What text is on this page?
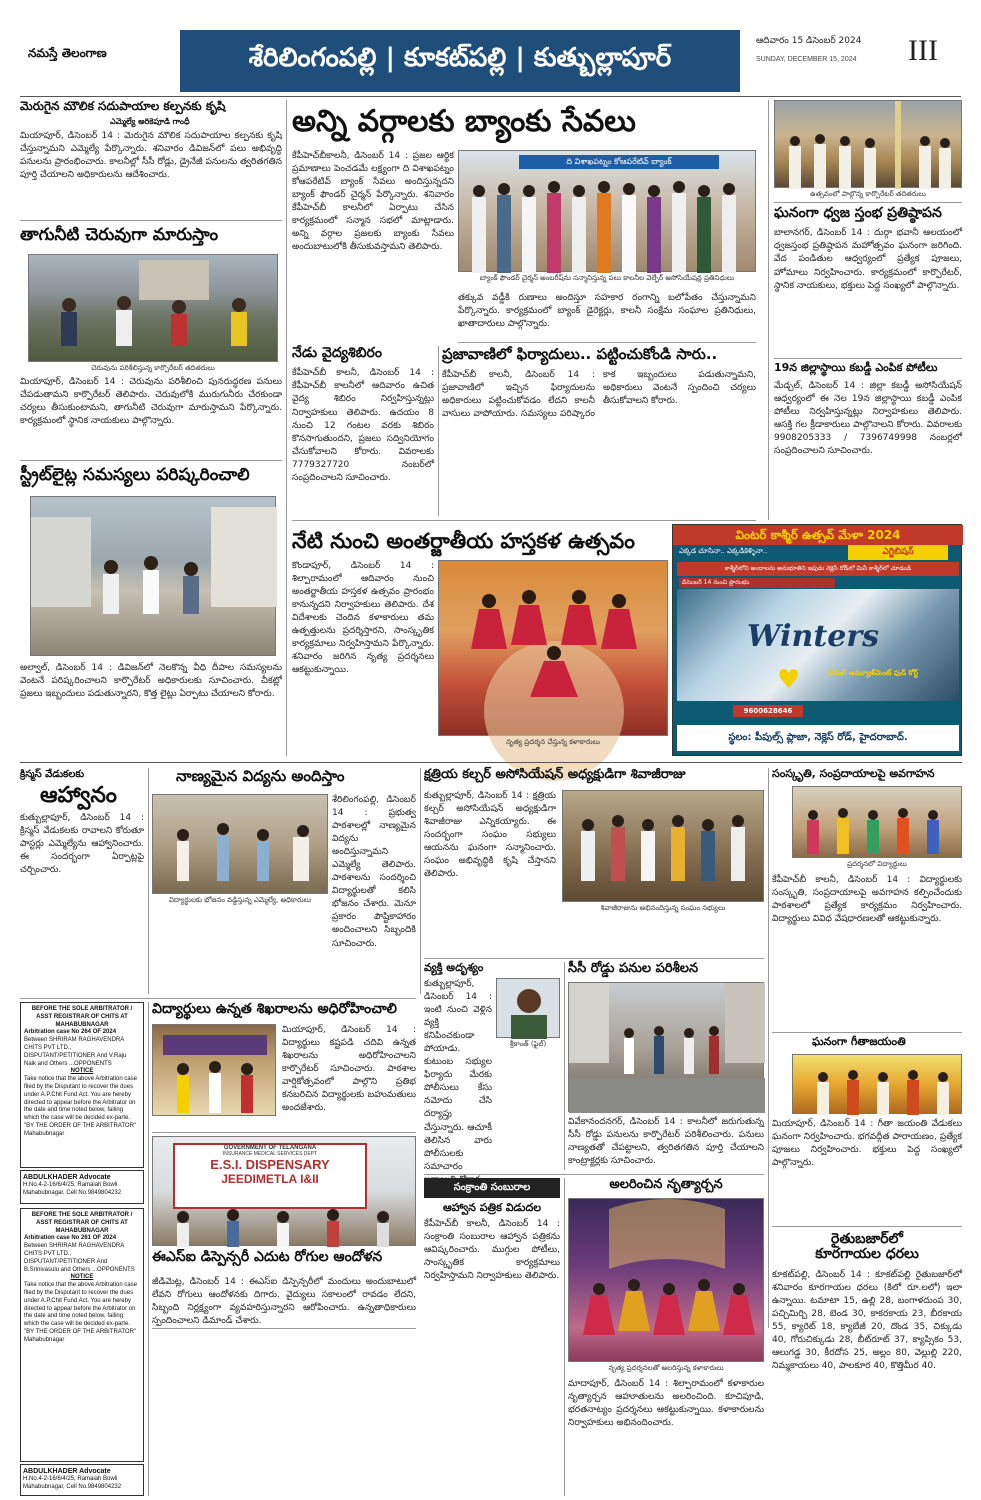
నమస్తే తెలంగాణ	శేరిలింగంపల్లి | కూకట్‌పల్లి | కుత్బుల్లాపూర్
ఆదివారం 15 డిసెంబర్ 2024
SUNDAY, DECEMBER 15, 2024	III
మెరుగైన మౌలిక సదుపాయాల కల్పనకు కృషి
ఎమ్మెల్యే అరికెపూడి గాంధీ
మియాపూర్, డిసెంబర్ 14 : మెరుగైన మౌలిక సదుపాయాల కల్పనకు కృషి చేస్తున్నామని ఎమ్మెల్యే పేర్కొన్నారు. శనివారం డివిజన్‌లో పలు అభివృద్ధి పనులను ప్రారంభించారు. కాలనీల్లో సీసీ రోడ్లు, డ్రైనేజీ పనులను త్వరితగతిన పూర్తి చేయాలని అధికారులను ఆదేశించారు.
తాగునీటి చెరువుగా మారుస్తాం
చెరువును పరిశీలిస్తున్న కార్పొరేటర్ తదితరులు
మియాపూర్, డిసెంబర్ 14 : చెరువును పరిశీలించి పునరుద్ధరణ పనులు చేపడుతామని కార్పొరేటర్ తెలిపారు. చెరువులోకి మురుగునీరు చేరకుండా చర్యలు తీసుకుంటామని, తాగునీటి చెరువుగా మారుస్తామని పేర్కొన్నారు. కార్యక్రమంలో స్థానిక నాయకులు పాల్గొన్నారు.
స్ట్రీట్‌లైట్ల సమస్యలు పరిష్కరించాలి
అల్వాల్, డిసెంబర్ 14 : డివిజన్‌లో నెలకొన్న వీధి దీపాల సమస్యలను వెంటనే పరిష్కరించాలని కార్పొరేటర్ అధికారులకు సూచించారు. చీకట్లో ప్రజలు ఇబ్బందులు పడుతున్నారని, కొత్త లైట్లు ఏర్పాటు చేయాలని కోరారు.
అన్ని వర్గాలకు బ్యాంకు సేవలు
కేపీహెచ్‌బీకాలనీ, డిసెంబర్ 14 : ప్రజల ఆర్థిక ప్రమాణాలు పెంచడమే లక్ష్యంగా ది విశాఖపట్నం కోఆపరేటివ్ బ్యాంక్ సేవలు అందిస్తున్నదని బ్యాంక్ ఫౌండర్ చైర్మన్ పేర్కొన్నారు. శనివారం కేపీహెచ్‌బీ కాలనీలో ఏర్పాటు చేసిన కార్యక్రమంలో సన్మాన సభలో మాట్లాడారు. అన్ని వర్గాల ప్రజలకు బ్యాంకు సేవలు అందుబాటులోకి తీసుకువస్తామని తెలిపారు.
ది విశాఖపట్నం కోఆపరేటివ్ బ్యాంక్
బ్యాంక్ ఫౌండర్ చైర్మన్ అంబరీష్‌ను సన్మానిస్తున్న పలు కాలనీల వెల్ఫేర్ అసోసియేషన్ల ప్రతినిధులు
తక్కువ వడ్డీకి రుణాలు అందిస్తూ సహకార రంగాన్ని బలోపేతం చేస్తున్నామని పేర్కొన్నారు. కార్యక్రమంలో బ్యాంక్ డైరెక్టర్లు, కాలనీ సంక్షేమ సంఘాల ప్రతినిధులు, ఖాతాదారులు పాల్గొన్నారు.
నేడు వైద్యశిబిరం
కేపీహెచ్‌బీ కాలనీ, డిసెంబర్ 14 : కేపీహెచ్‌బీ కాలనీలో ఆదివారం ఉచిత వైద్య శిబిరం నిర్వహిస్తున్నట్లు నిర్వాహకులు తెలిపారు. ఉదయం 8 నుంచి 12 గంటల వరకు శిబిరం కొనసాగుతుందని, ప్రజలు సద్వినియోగం చేసుకోవాలని కోరారు. వివరాలకు 7779327720 నంబర్‌లో సంప్రదించాలని సూచించారు.
ప్రజావాణిలో ఫిర్యాదులు.. పట్టించుకోండి సారు..
కేపీహెచ్‌బీ కాలనీ, డిసెంబర్ 14 : ప్రజావాణిలో ఇచ్చిన ఫిర్యాదులను అధికారులు పట్టించుకోవడం లేదని కాలనీ వాసులు వాపోయారు. సమస్యలు పరిష్కారం కాక ఇబ్బందులు పడుతున్నామని, అధికారులు వెంటనే స్పందించి చర్యలు తీసుకోవాలని కోరారు.
నేటి నుంచి అంతర్జాతీయ హస్తకళ ఉత్సవం
కొండాపూర్, డిసెంబర్ 14 : శిల్పారామంలో ఆదివారం నుంచి అంతర్జాతీయ హస్తకళ ఉత్సవం ప్రారంభం కానున్నదని నిర్వాహకులు తెలిపారు. దేశ విదేశాలకు చెందిన కళాకారులు తమ ఉత్పత్తులను ప్రదర్శిస్తారని, సాంస్కృతిక కార్యక్రమాలు నిర్వహిస్తామని పేర్కొన్నారు. శనివారం జరిగిన నృత్య ప్రదర్శనలు ఆకట్టుకున్నాయి.
నృత్య ప్రదర్శన చేస్తున్న కళాకారులు
వింటర్ కాశ్మీర్ ఉత్సవ్ మేళా 2024
ఎగ్జిబిషన్
ఎక్కడ చూసినా.. ఎక్కడికెళ్ళినా..
కాశ్మీర్‌లోని అందాలను అనుభూతిని ఇపుడు నెక్లెస్ రోడ్‌లో మినీ కాశ్మీర్‌లో చూడండి
డిసెంబర్ 14 నుంచి ప్రారంభం
Winters
♥	షాపింగ్ అమ్యూజ్‌మెంట్ ఫుడ్ కోర్ట్
9600628646
స్థలం: పీపుల్స్ ప్లాజా, నెక్లెస్ రోడ్, హైదరాబాద్.
ఉత్సవంలో పాల్గొన్న కార్పొరేటర్ తదితరులు
ఘనంగా ధ్వజ స్తంభ ప్రతిష్ఠాపన
బాలానగర్, డిసెంబర్ 14 : దుర్గా భవానీ ఆలయంలో ధ్వజస్తంభ ప్రతిష్ఠాపన మహోత్సవం ఘనంగా జరిగింది. వేద పండితుల ఆధ్వర్యంలో ప్రత్యేక పూజలు, హోమాలు నిర్వహించారు. కార్యక్రమంలో కార్పొరేటర్, స్థానిక నాయకులు, భక్తులు పెద్ద సంఖ్యలో పాల్గొన్నారు.
19న జిల్లాస్థాయి కబడ్డీ ఎంపిక పోటీలు
మేడ్చల్, డిసెంబర్ 14 : జిల్లా కబడ్డీ అసోసియేషన్ ఆధ్వర్యంలో ఈ నెల 19న జిల్లాస్థాయి కబడ్డీ ఎంపిక పోటీలు నిర్వహిస్తున్నట్లు నిర్వాహకులు తెలిపారు. ఆసక్తి గల క్రీడాకారులు పాల్గొనాలని కోరారు. వివరాలకు 9908205333 / 7396749998 నంబర్లలో సంప్రదించాలని సూచించారు.
క్రిస్మస్ వేడుకలకు
ఆహ్వానం
కుత్బుల్లాపూర్, డిసెంబర్ 14 : క్రిస్మస్ వేడుకలకు రావాలని కోరుతూ పాస్టర్లు ఎమ్మెల్యేను ఆహ్వానించారు. ఈ సందర్భంగా ఏర్పాట్లపై చర్చించారు.
నాణ్యమైన విద్యను అందిస్తాం
విద్యార్థులకు భోజనం వడ్డిస్తున్న ఎమ్మెల్యే, అధికారులు
శేరిలింగంపల్లి, డిసెంబర్ 14 : ప్రభుత్వ పాఠశాలల్లో నాణ్యమైన విద్యను అందిస్తున్నామని ఎమ్మెల్యే తెలిపారు. పాఠశాలను సందర్శించి విద్యార్థులతో కలిసి భోజనం చేశారు. మెనూ ప్రకారం పౌష్టికాహారం అందించాలని సిబ్బందికి సూచించారు.
క్షత్రియ కల్చర్ అసోసియేషన్ అధ్యక్షుడిగా శివాజీరాజు
కుత్బుల్లాపూర్, డిసెంబర్ 14 : క్షత్రియ కల్చర్ అసోసియేషన్ అధ్యక్షుడిగా శివాజీరాజు ఎన్నికయ్యారు. ఈ సందర్భంగా సంఘం సభ్యులు ఆయనను ఘనంగా సన్మానించారు. సంఘం అభివృద్ధికి కృషి చేస్తానని తెలిపారు.
శివాజీరాజును అభినందిస్తున్న సంఘం సభ్యులు
సంస్కృతి, సంప్రదాయాలపై అవగాహన
ప్రదర్శనలో విద్యార్థులు
కేపీహెచ్‌బీ కాలనీ, డిసెంబర్ 14 : విద్యార్థులకు సంస్కృతి, సంప్రదాయాలపై అవగాహన కల్పించేందుకు పాఠశాలలో ప్రత్యేక కార్యక్రమం నిర్వహించారు. విద్యార్థులు వివిధ వేషధారణలతో ఆకట్టుకున్నారు.
ఘనంగా గీతాజయంతి
మియాపూర్, డిసెంబర్ 14 : గీతా జయంతి వేడుకలు ఘనంగా నిర్వహించారు. భగవద్గీత పారాయణం, ప్రత్యేక పూజలు నిర్వహించారు. భక్తులు పెద్ద సంఖ్యలో పాల్గొన్నారు.
విద్యార్థులు ఉన్నత శిఖరాలను అధిరోహించాలి
మియాపూర్, డిసెంబర్ 14 : విద్యార్థులు కష్టపడి చదివి ఉన్నత శిఖరాలను అధిరోహించాలని కార్పొరేటర్ సూచించారు. పాఠశాల వార్షికోత్సవంలో పాల్గొని ప్రతిభ కనబరిచిన విద్యార్థులకు బహుమతులు అందజేశారు.
BEFORE THE SOLE ARBITRATOR / ASST REGISTRAR OF CHITS AT MAHABUBNAGAR
Arbitration case No 264 OF 2024
Between SHRIRAM RAGHAVENDRA CHITS PVT LTD., DISPUTANT/PETITIONER And V.Raju Naik and Others ...OPPONENTS
NOTICE
Take notice that the above Arbitration case filed by the Disputant to recover the dues under A.P.Chit Fund Act. You are hereby directed to appear before the Arbitrator on the date and time noted below, failing which the case will be decided ex-parte. "BY THE ORDER OF THE ARBITRATOR" Mahabubnagar
ABDULKHADER Advocate
H.No.4-2-16/6/4/25, Ramaiah Bowli Mahabubnagar, Cell No.9849804232
BEFORE THE SOLE ARBITRATOR / ASST REGISTRAR OF CHITS AT MAHABUBNAGAR
Arbitration case No 261 OF 2024
Between SHRIRAM RAGHAVENDRA CHITS PVT LTD., DISPUTANT/PETITIONER And B.Srinivasulu and Others ...OPPONENTS
NOTICE
Take notice that the above Arbitration case filed by the Disputant to recover the dues under A.P.Chit Fund Act. You are hereby directed to appear before the Arbitrator on the date and time noted below, failing which the case will be decided ex-parte. "BY THE ORDER OF THE ARBITRATOR" Mahabubnagar
ABDULKHADER Advocate
H.No.4-2-16/6/4/25, Ramaiah Bowli Mahabubnagar, Cell No.9849804232
GOVERNMENT OF TELANGANA
INSURANCE MEDICAL SERVICES DEPT
E.S.I. DISPENSARY
JEEDIMETLA I&II
ఈఎస్‌ఐ డిస్పెన్సరీ ఎదుట రోగుల ఆందోళన
జీడిమెట్ల, డిసెంబర్ 14 : ఈఎస్‌ఐ డిస్పెన్సరీలో మందులు అందుబాటులో లేవని రోగులు ఆందోళనకు దిగారు. వైద్యులు సకాలంలో రావడం లేదని, సిబ్బంది నిర్లక్ష్యంగా వ్యవహరిస్తున్నారని ఆరోపించారు. ఉన్నతాధికారులు స్పందించాలని డిమాండ్ చేశారు.
వ్యక్తి అదృశ్యం
శ్రీకాంత్ (ఫైల్)
కుత్బుల్లాపూర్, డిసెంబర్ 14 : ఇంటి నుంచి వెళ్లిన వ్యక్తి కనిపించకుండా పోయాడు. కుటుంబ సభ్యుల ఫిర్యాదు మేరకు పోలీసులు కేసు నమోదు చేసి దర్యాప్తు చేస్తున్నారు. ఆచూకీ తెలిసిన వారు పోలీసులకు సమాచారం
సీసీ రోడ్డు పనుల పరిశీలన
వివేకానందనగర్, డిసెంబర్ 14 : కాలనీలో జరుగుతున్న సీసీ రోడ్డు పనులను కార్పొరేటర్ పరిశీలించారు. పనులు నాణ్యతతో చేపట్టాలని, త్వరితగతిన పూర్తి చేయాలని కాంట్రాక్టర్లకు సూచించారు.
సంక్రాంతి సంబురాల
ఆహ్వాన పత్రిక విడుదల
కేపీహెచ్‌బీ కాలనీ, డిసెంబర్ 14 : సంక్రాంతి సంబురాల ఆహ్వాన పత్రికను ఆవిష్కరించారు. ముగ్గుల పోటీలు, సాంస్కృతిక కార్యక్రమాలు నిర్వహిస్తామని నిర్వాహకులు తెలిపారు.
అలరించిన నృత్యార్చన
నృత్య ప్రదర్శనలతో అలరిస్తున్న కళాకారులు
మాదాపూర్, డిసెంబర్ 14 : శిల్పారామంలో కళాకారుల నృత్యార్చన ఆహూతులను అలరించింది. కూచిపూడి, భరతనాట్యం ప్రదర్శనలు ఆకట్టుకున్నాయి. కళాకారులను నిర్వాహకులు అభినందించారు.
రైతుబజార్‌లో
కూరగాయల ధరలు
కూకట్‌పల్లి, డిసెంబర్ 14 : కూకట్‌పల్లి రైతుబజార్‌లో శనివారం కూరగాయల ధరలు (కిలో రూ.లలో) ఇలా ఉన్నాయి. టమాటా 15, ఉల్లి 28, బంగాళదుంప 30, పచ్చిమిర్చి 28, బెండ 30, కాకరకాయ 23, బీరకాయ 55, క్యారెట్ 18, క్యాబేజీ 20, దొండ 35, చిక్కుడు 40, గోరుచిక్కుడు 28, బీట్‌రూట్ 37, క్యాప్సికం 53, ఆలుగడ్డ 30, కీరదోస 25, అల్లం 80, వెల్లుల్లి 220, నిమ్మకాయలు 40, పాలకూర 40, కొత్తిమీర 40.
